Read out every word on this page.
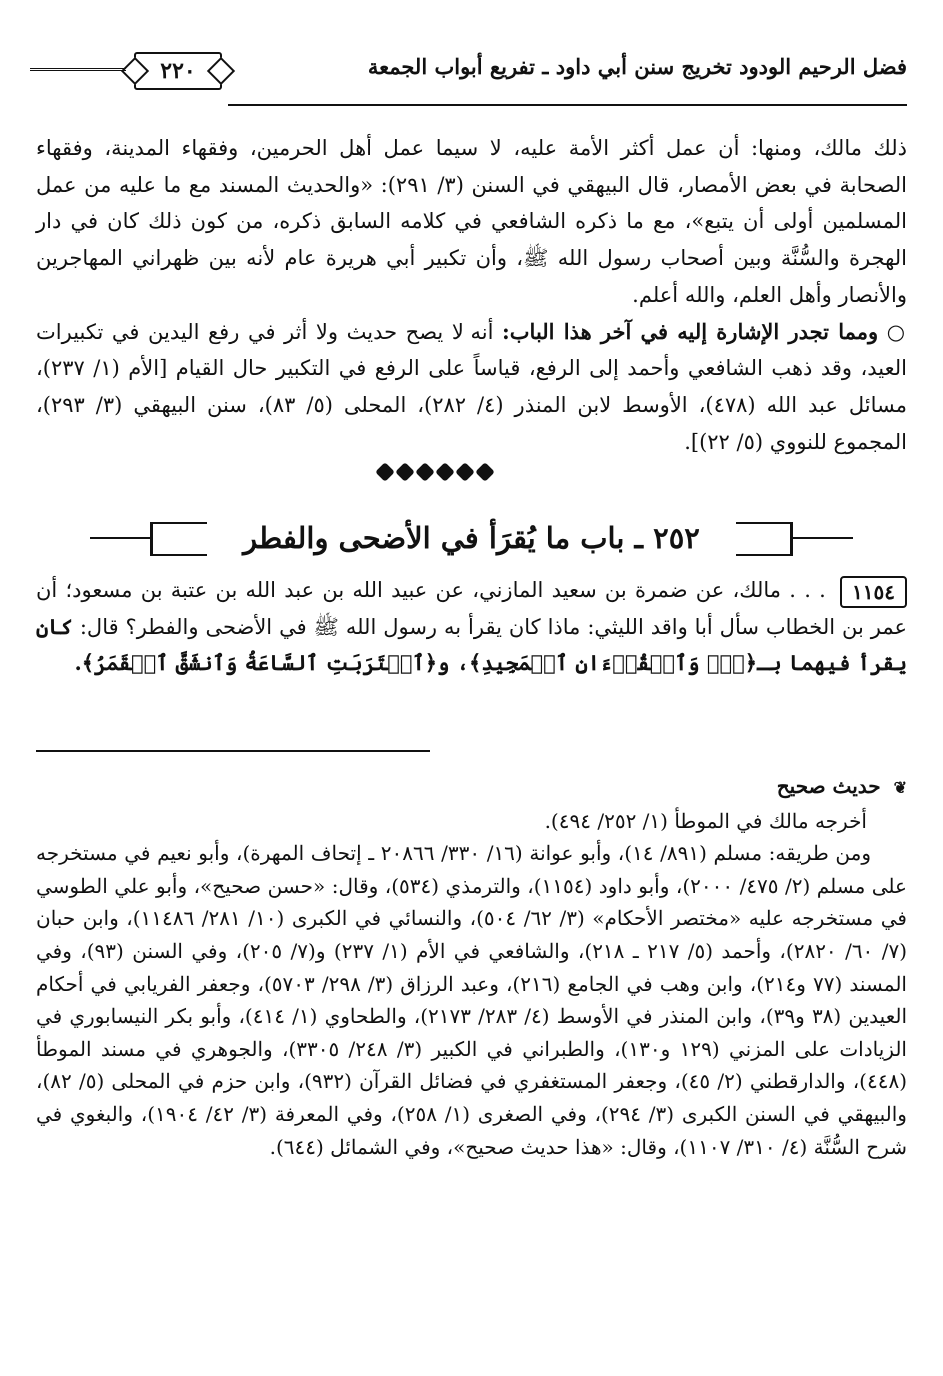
فضل الرحيم الودود تخريج سنن أبي داود ـ تفريع أبواب الجمعة
٢٢٠

ذلك مالك، ومنها: أن عمل أكثر الأمة عليه، لا سيما عمل أهل الحرمين، وفقهاء المدينة، وفقهاء الصحابة في بعض الأمصار، قال البيهقي في السنن (٣/ ٢٩١): «والحديث المسند مع ما عليه من عمل المسلمين أولى أن يتبع»، مع ما ذكره الشافعي في كلامه السابق ذكره، من كون ذلك كان في دار الهجرة والسُّنَّة وبين أصحاب رسول الله ﷺ، وأن تكبير أبي هريرة عام لأنه بين ظهراني المهاجرين والأنصار وأهل العلم، والله أعلم.

○ ومما تجدر الإشارة إليه في آخر هذا الباب: أنه لا يصح حديث ولا أثر في رفع اليدين في تكبيرات العيد، وقد ذهب الشافعي وأحمد إلى الرفع، قياساً على الرفع في التكبير حال القيام [الأم (١/ ٢٣٧)، مسائل عبد الله (٤٧٨)، الأوسط لابن المنذر (٤/ ٢٨٢)، المحلى (٥/ ٨٣)، سنن البيهقي (٣/ ٢٩٣)، المجموع للنووي (٥/ ٢٢)].

٢٥٢ ـ باب ما يُقرَأ في الأضحى والفطر

١١٥٤ . . . مالك، عن ضمرة بن سعيد المازني، عن عبيد الله بن عبد الله بن عتبة بن مسعود؛ أن عمر بن الخطاب سأل أبا واقد الليثي: ماذا كان يقرأ به رسول الله ﷺ في الأضحى والفطر؟ قال: كان يقرأ فيهما بـ﴿قٓۚ وَٱلۡقُرۡءَانِ ٱلۡمَجِيدِ﴾، و﴿ٱقۡتَرَبَتِ ٱلسَّاعَةُ وَٱنشَقَّ ٱلۡقَمَرُ﴾.

❦ حديث صحيح

أخرجه مالك في الموطأ (١/ ٢٥٢/ ٤٩٤).

ومن طريقه: مسلم (٨٩١/ ١٤)، وأبو عوانة (١٦/ ٣٣٠/ ٢٠٨٦٦ ـ إتحاف المهرة)، وأبو نعيم في مستخرجه على مسلم (٢/ ٤٧٥/ ٢٠٠٠)، وأبو داود (١١٥٤)، والترمذي (٥٣٤)، وقال: «حسن صحيح»، وأبو علي الطوسي في مستخرجه عليه «مختصر الأحكام» (٣/ ٦٢/ ٥٠٤)، والنسائي في الكبرى (١٠/ ٢٨١/ ١١٤٨٦)، وابن حبان (٧/ ٦٠/ ٢٨٢٠)، وأحمد (٥/ ٢١٧ ـ ٢١٨)، والشافعي في الأم (١/ ٢٣٧) و(٧/ ٢٠٥)، وفي السنن (٩٣)، وفي المسند (٧٧ و٢١٤)، وابن وهب في الجامع (٢١٦)، وعبد الرزاق (٣/ ٢٩٨/ ٥٧٠٣)، وجعفر الفريابي في أحكام العيدين (٣٨ و٣٩)، وابن المنذر في الأوسط (٤/ ٢٨٣/ ٢١٧٣)، والطحاوي (١/ ٤١٤)، وأبو بكر النيسابوري في الزيادات على المزني (١٢٩ و١٣٠)، والطبراني في الكبير (٣/ ٢٤٨/ ٣٣٠٥)، والجوهري في مسند الموطأ (٤٤٨)، والدارقطني (٢/ ٤٥)، وجعفر المستغفري في فضائل القرآن (٩٣٢)، وابن حزم في المحلى (٥/ ٨٢)، والبيهقي في السنن الكبرى (٣/ ٢٩٤)، وفي الصغرى (١/ ٢٥٨)، وفي المعرفة (٣/ ٤٢/ ١٩٠٤)، والبغوي في شرح السُّنَّة (٤/ ٣١٠/ ١١٠٧)، وقال: «هذا حديث صحيح»، وفي الشمائل (٦٤٤).
